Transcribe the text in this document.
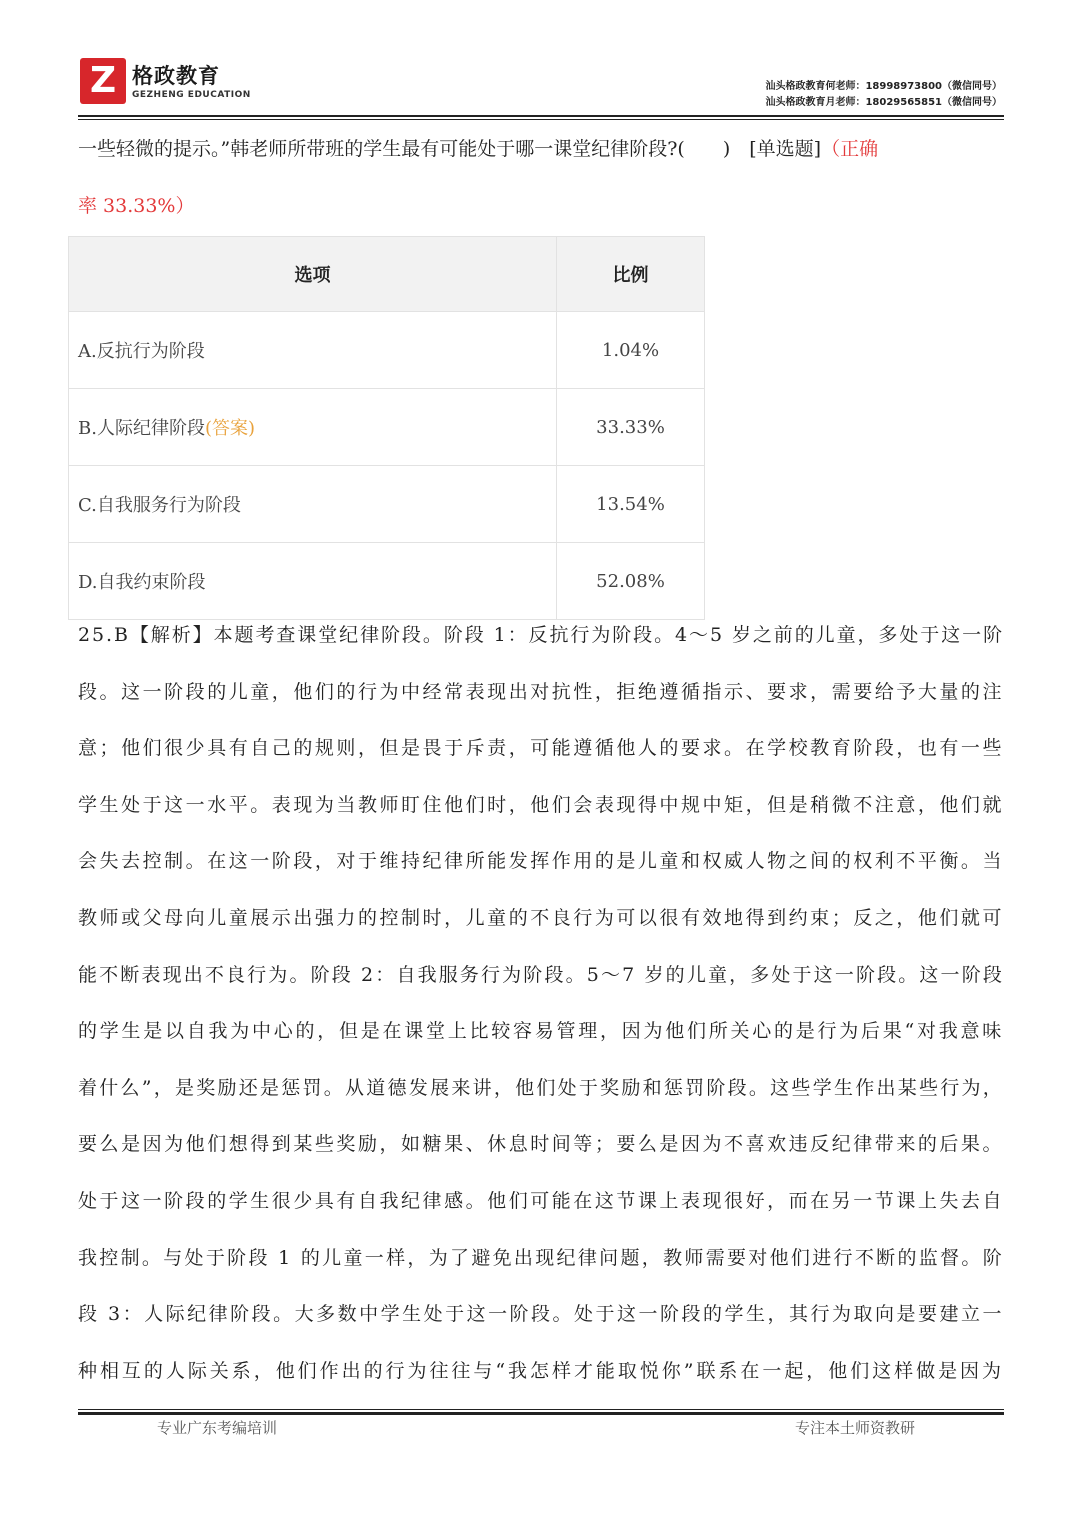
Z 格政教育
GEZHENG EDUCATION
汕头格政教育何老师：18998973800（微信同号）
汕头格政教育月老师：18029565851（微信同号）
一些轻微的提示。”韩老师所带班的学生最有可能处于哪一课堂纪律阶段?(　　)　[单选题]（正确
率 33.33%）
选项	比例
A.反抗行为阶段	1.04%
B.人际纪律阶段(答案)	33.33%
C.自我服务行为阶段	13.54%
D.自我约束阶段	52.08%
25.B【解析】本题考查课堂纪律阶段。阶段 1：反抗行为阶段。4～5 岁之前的儿童，多处于这一阶
段。这一阶段的儿童，他们的行为中经常表现出对抗性，拒绝遵循指示、要求，需要给予大量的注
意；他们很少具有自己的规则，但是畏于斥责，可能遵循他人的要求。在学校教育阶段，也有一些
学生处于这一水平。表现为当教师盯住他们时，他们会表现得中规中矩，但是稍微不注意，他们就
会失去控制。在这一阶段，对于维持纪律所能发挥作用的是儿童和权威人物之间的权利不平衡。当
教师或父母向儿童展示出强力的控制时，儿童的不良行为可以很有效地得到约束；反之，他们就可
能不断表现出不良行为。阶段 2：自我服务行为阶段。5～7 岁的儿童，多处于这一阶段。这一阶段
的学生是以自我为中心的，但是在课堂上比较容易管理，因为他们所关心的是行为后果“对我意味
着什么”，是奖励还是惩罚。从道德发展来讲，他们处于奖励和惩罚阶段。这些学生作出某些行为，
要么是因为他们想得到某些奖励，如糖果、休息时间等；要么是因为不喜欢违反纪律带来的后果。
处于这一阶段的学生很少具有自我纪律感。他们可能在这节课上表现很好，而在另一节课上失去自
我控制。与处于阶段 1 的儿童一样，为了避免出现纪律问题，教师需要对他们进行不断的监督。阶
段 3：人际纪律阶段。大多数中学生处于这一阶段。处于这一阶段的学生，其行为取向是要建立一
种相互的人际关系，他们作出的行为往往与“我怎样才能取悦你”联系在一起，他们这样做是因为
专业广东考编培训	专注本土师资教研
